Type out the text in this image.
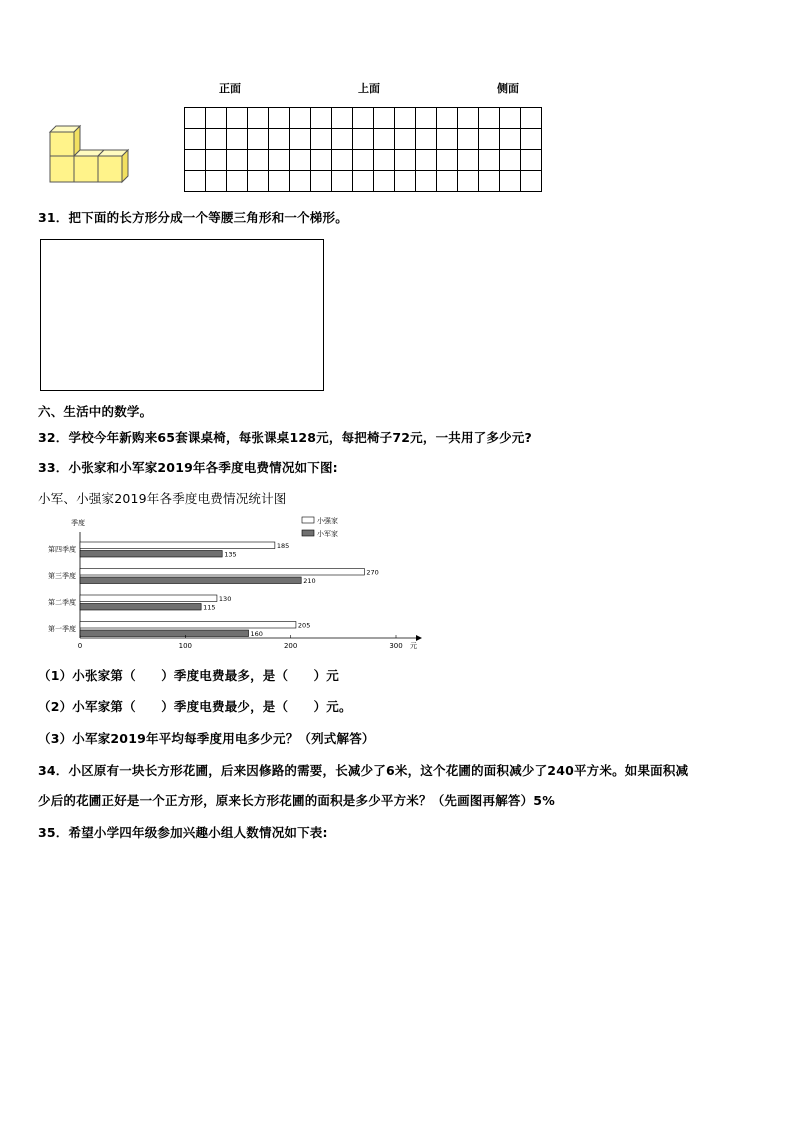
正面	上面	侧面

31．把下面的长方形分成一个等腰三角形和一个梯形。
六、生活中的数学。
32．学校今年新购来65套课桌椅，每张课桌128元，每把椅子72元，一共用了多少元?
33．小张家和小军家2019年各季度电费情况如下图:
小军、小强家2019年各季度电费情况统计图
季度
元
小强家
小军家
第四季度	185
135
第三季度	270
210
第二季度	130
115
第一季度	205
160
0	100	200	300
（1）小张家第（　　）季度电费最多，是（　　）元
（2）小军家第（　　）季度电费最少，是（　　）元。
（3）小军家2019年平均每季度用电多少元？（列式解答）
34．小区原有一块长方形花圃，后来因修路的需要，长减少了6米，这个花圃的面积减少了240平方米。如果面积减
少后的花圃正好是一个正方形，原来长方形花圃的面积是多少平方米？（先画图再解答）5%
35．希望小学四年级参加兴趣小组人数情况如下表:
